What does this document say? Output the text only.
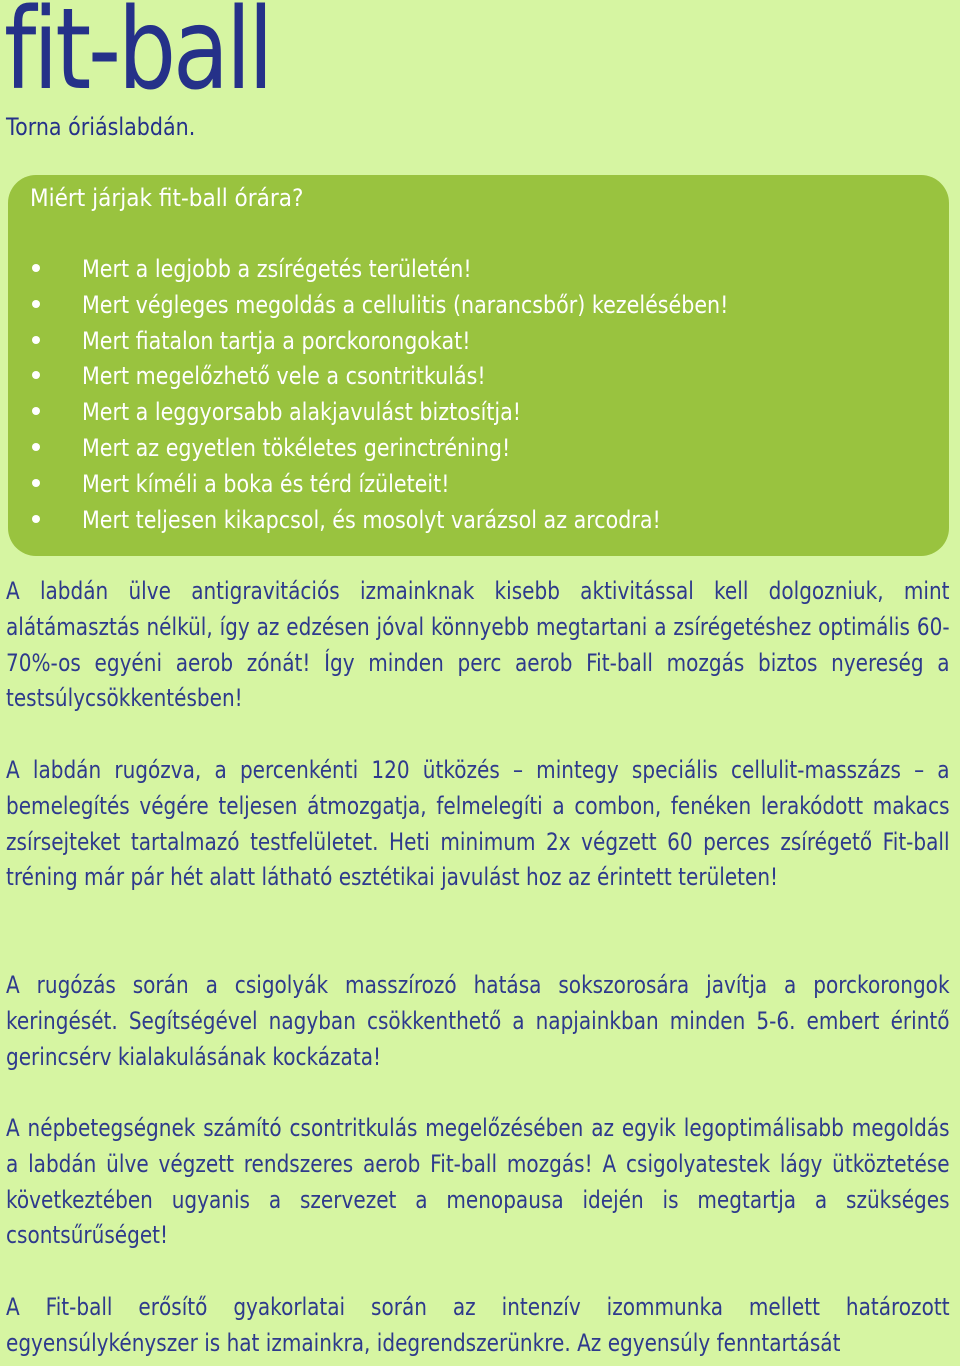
fit-ball
Torna óriáslabdán.
Miért járjak fit-ball órára?
Mert a legjobb a zsírégetés területén!
Mert végleges megoldás a cellulitis (narancsbőr) kezelésében!
Mert fiatalon tartja a porckorongokat!
Mert megelőzhető vele a csontritkulás!
Mert a leggyorsabb alakjavulást biztosítja!
Mert az egyetlen tökéletes gerinctréning!
Mert kíméli a boka és térd ízületeit!
Mert teljesen kikapcsol, és mosolyt varázsol az arcodra!

A labdán ülve antigravitációs izmainknak kisebb aktivitással kell dolgozniuk, mint alátámasztás nélkül, így az edzésen jóval könnyebb megtartani a zsírégetéshez optimális 60-70%-os egyéni aerob zónát! Így minden perc aerob Fit-ball mozgás biztos nyereség a testsúlycsökkentésben!

A labdán rugózva, a percenkénti 120 ütközés – mintegy speciális cellulit-masszázs – a bemelegítés végére teljesen átmozgatja, felmelegíti a combon, fenéken lerakódott makacs zsírsejteket tartalmazó testfelületet. Heti minimum 2x végzett 60 perces zsírégető Fit-ball tréning már pár hét alatt látható esztétikai javulást hoz az érintett területen!

A rugózás során a csigolyák masszírozó hatása sokszorosára javítja a porckorongok keringését. Segítségével nagyban csökkenthető a napjainkban minden 5-6. embert érintő gerincsérv kialakulásának kockázata!

A népbetegségnek számító csontritkulás megelőzésében az egyik legoptimálisabb megoldás a labdán ülve végzett rendszeres aerob Fit-ball mozgás! A csigolyatestek lágy ütköztetése következtében ugyanis a szervezet a menopausa idején is megtartja a szükséges csontsűrűséget!

A Fit-ball erősítő gyakorlatai során az intenzív izommunka mellett határozott egyensúlykényszer is hat izmainkra, idegrendszerünkre. Az egyensúly fenntartását
